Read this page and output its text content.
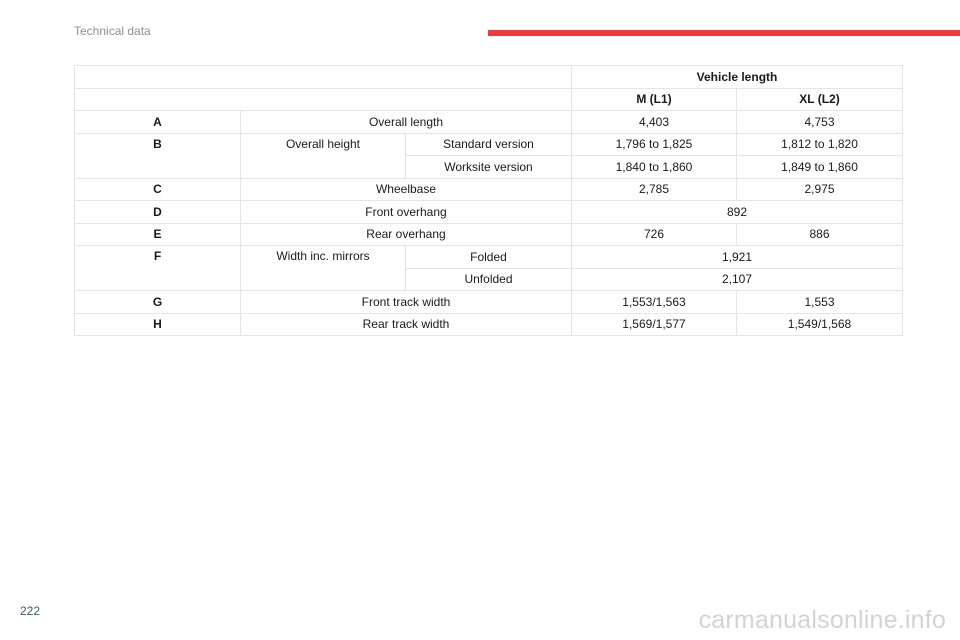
Technical data
			Vehicle length	
			M (L1)	XL (L2)
A	Overall length		4,403	4,753
B	Overall height	Standard version	1,796 to 1,825	1,812 to 1,820
		Worksite version	1,840 to 1,860	1,849 to 1,860
C	Wheelbase		2,785	2,975
D	Front overhang		892	
E	Rear overhang		726	886
F	Width inc. mirrors	Folded	1,921	
		Unfolded	2,107	
G	Front track width		1,553/1,563	1,553
H	Rear track width		1,569/1,577	1,549/1,568
222	carmanualsonline.info
